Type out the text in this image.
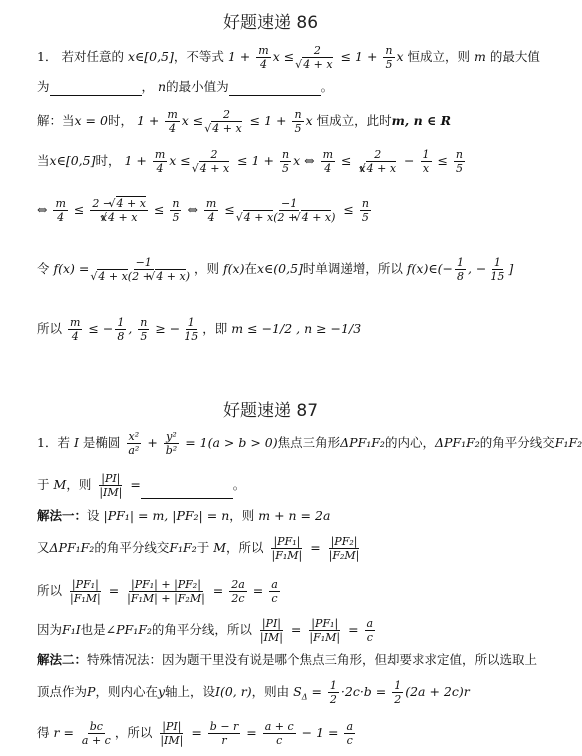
好题速递 86
1． 若对任意的 x∈[0,5]，不等式 $1 + \frac{m}{4}$ x ≤ 2
√ $4 + x \le 1 + \frac{n}{5}$ x 恒成立，则 m 的最大值
为	， n的最小值为	。
解：当x = 0时， $1 + \frac{m}{4}$ x ≤ 2
√ $4 + x \le 1 + \frac{n}{5}$ x 恒成立，此时m, n ∈ R
当x∈[0,5]时， $1 + \frac{m}{4}$ x ≤ 2
√ $4 + x \le 1 + \frac{n}{5}$ x ⇔ $\frac{m}{4} \le \frac{2}{x√ 4 + x} - \frac{1}{x} \le \frac{n}{5}$
⇔ $\frac{m}{4} \le \frac{2 - √ 4 + x}{x√ 4 + x} \le \frac{n}{5}$ ⇔ $\frac{m}{4} \le -1$
√ 4 + x(2 + √ $4 + x) \le \frac{n}{5}$
令 f(x) = −1
√ 4 + x(2 + √ 4 + x) ，则 f(x)在x∈(0,5]时单调递增，所以 f(x)∈(− $\frac{1}{8}$ , − $\frac{1}{15}$ ]
所以 $\frac{m}{4}$ ≤ − $\frac{1}{8}$ , $\frac{n}{5}$ ≥ − $\frac{1}{15}$ ，即 m ≤ −1/2 , n ≥ −1/3
好题速递 87
1．若 I 是椭圆 $\frac{\text{x²}}{\text{a²}} + \frac{\text{y²}}{\text{b²}} = 1(a > b > 0)$焦点三角形ΔPF₁F₂的内心，ΔPF₁F₂的角平分线交F₁F₂
于 M，则 $\frac{|PI|}{|IM|}$ =	。
解法一：设 |PF₁| = m, |PF₂| = n，则 m + n = 2a
又ΔPF₁F₂的角平分线交F₁F₂于 M，所以 $\frac{\text{|PF₁|}}{\text{|F₁M|}} = \frac{\text{|PF₂|}}{\text{|F₂M|}}$
所以 $\frac{\text{|PF₁|}}{\text{|F₁M|}} = \frac{\text{|PF₁| + |PF₂|}}{\text{|F₁M| + |F₂M|}} = \frac{2a}{2c} = \frac{a}{c}$
因为F₁I也是∠PF₁F₂的角平分线，所以 $\frac{|PI|}{|IM|} = \frac{\text{|PF₁|}}{\text{|F₁M|}} = \frac{a}{c}$
解法二：特殊情况法：因为题干里没有说是哪个焦点三角形，但却要求求定值，所以选取上
顶点作为P，则内心在y轴上，设I(0, r)，则由 $S_\Delta = \frac{1}{2} \cdot 2c\cdot b = \frac{1}{2} (2a + 2c)r$
得 $r = \frac{bc}{a + c}$ ，所以 $\frac{|PI|}{|IM|} = \frac{b - r}{r} = \frac{a + c}{c} - 1 = \frac{a}{c}$
